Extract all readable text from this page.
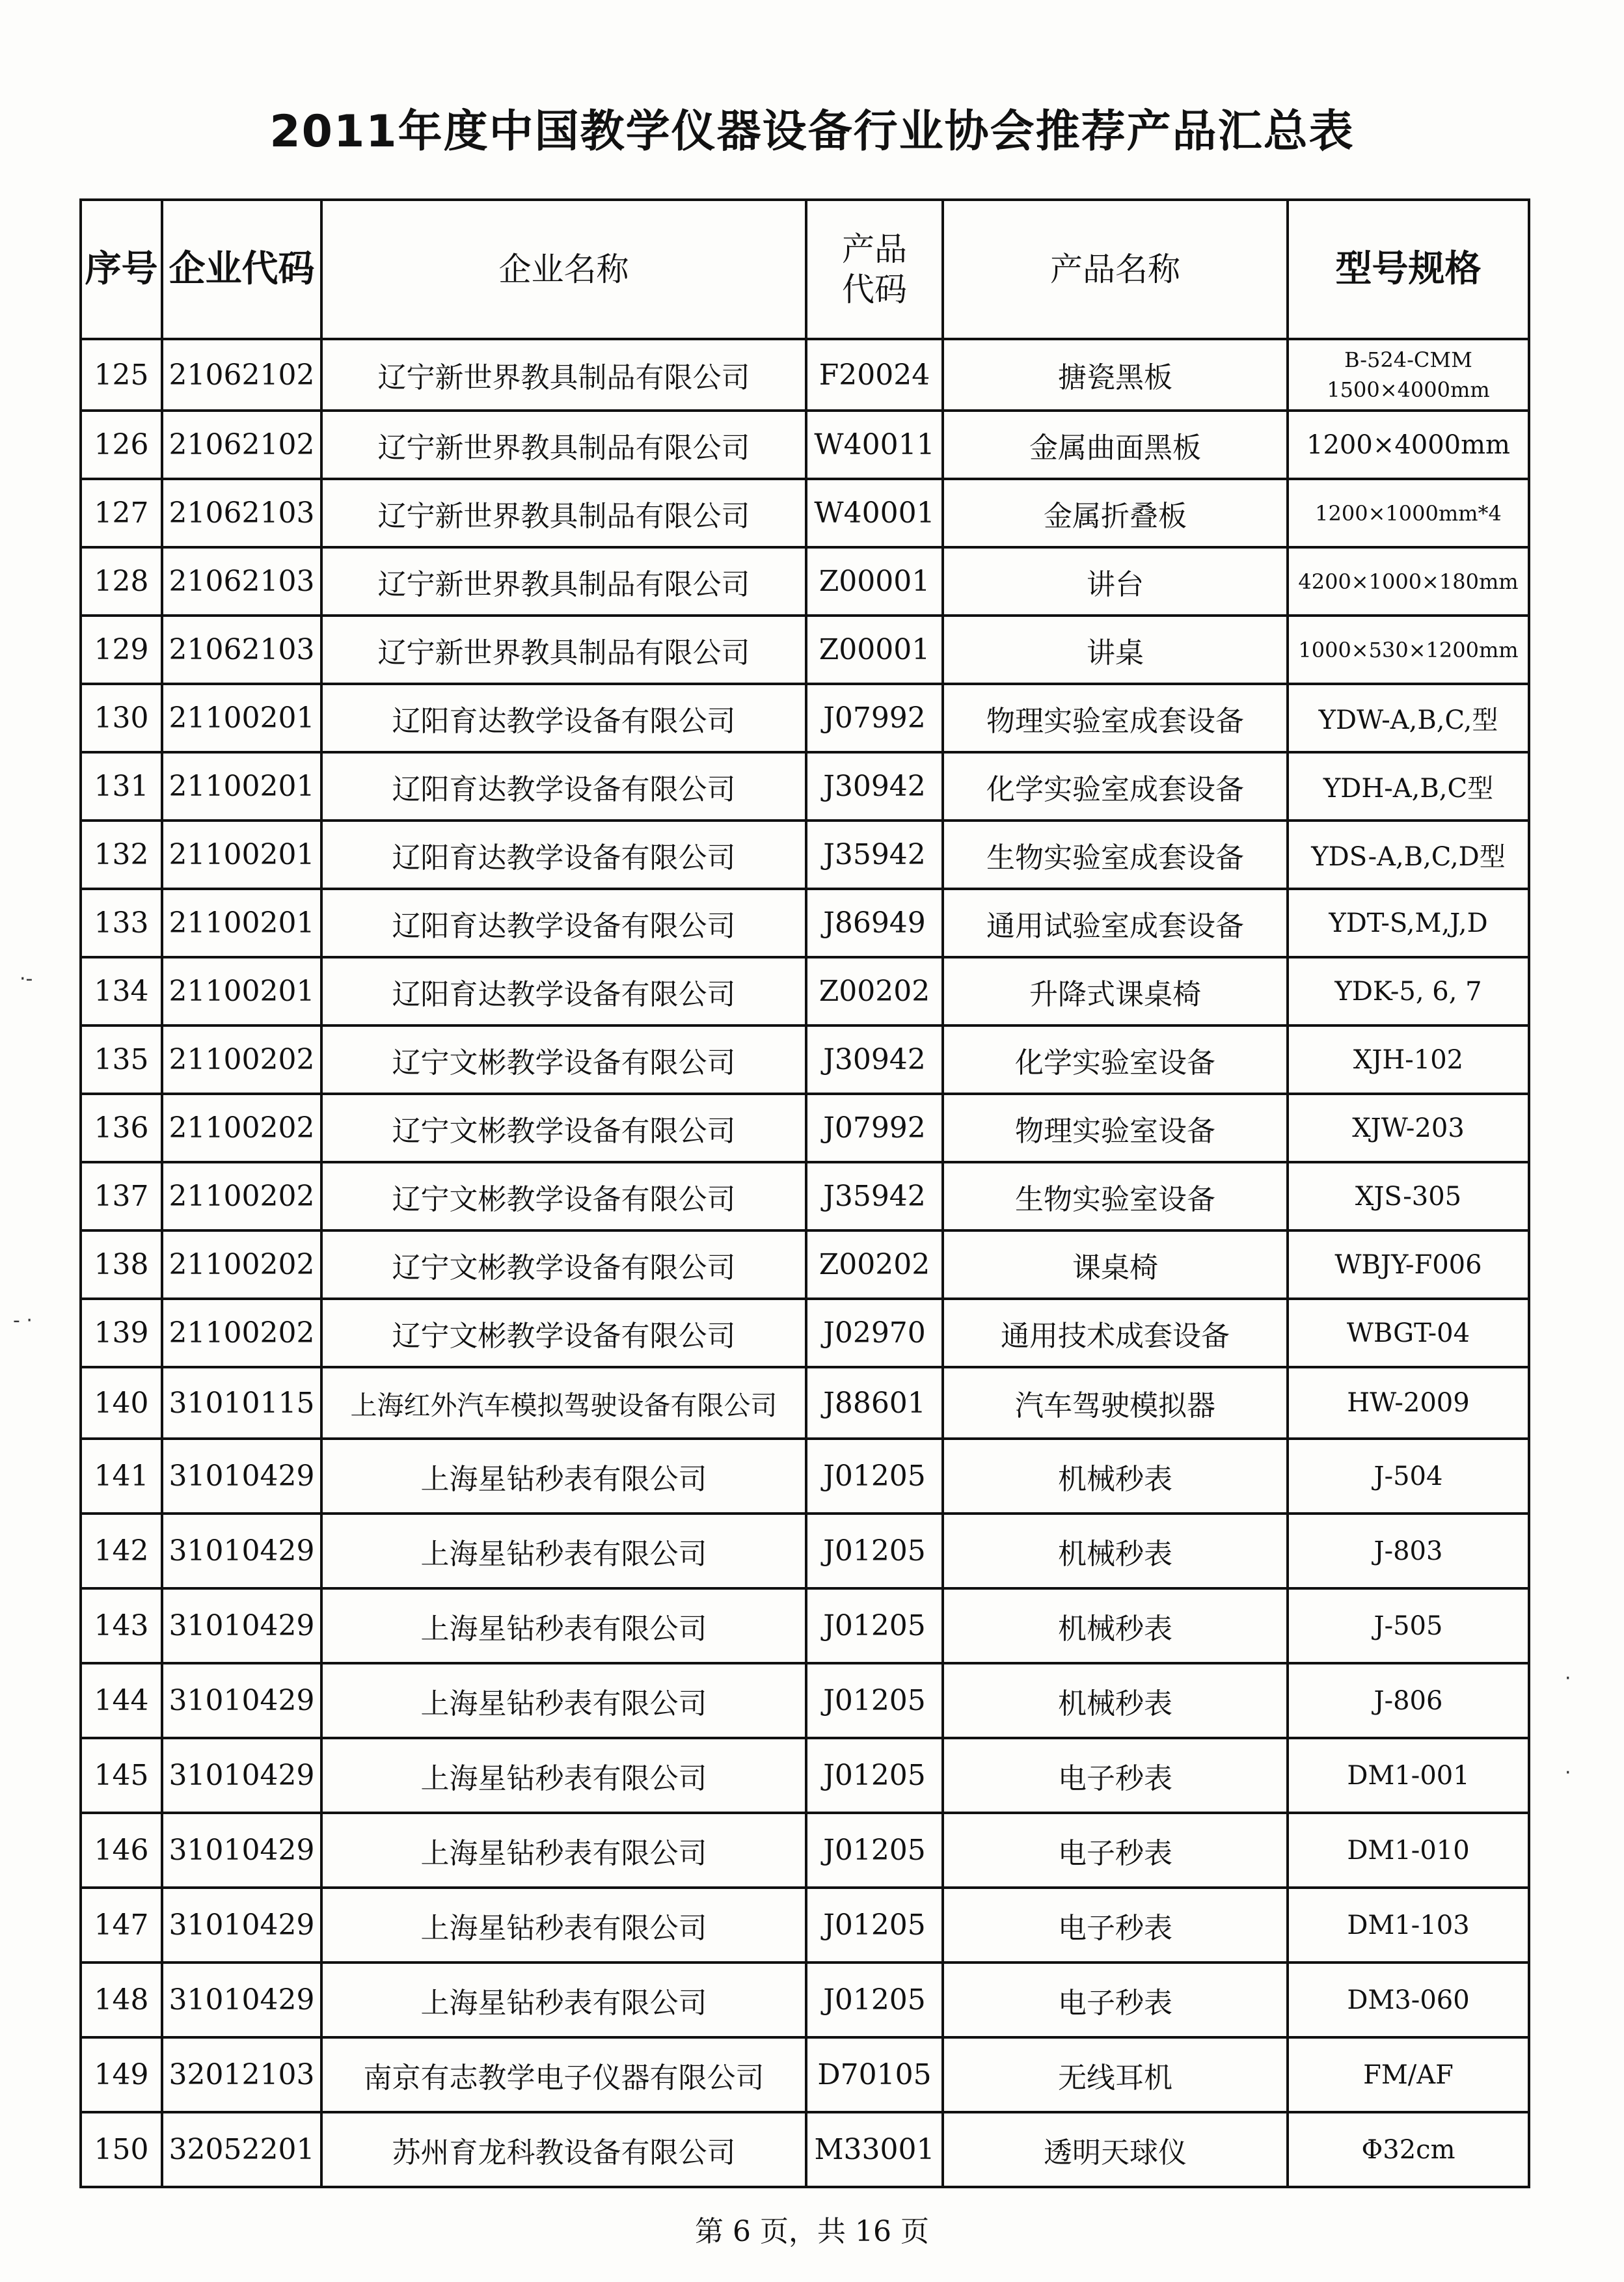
2011年度中国教学仪器设备行业协会推荐产品汇总表
序号	企业代码	企业名称	产品代码	产品名称	型号规格
125	21062102	辽宁新世界教具制品有限公司	F20024	搪瓷黑板	B-524-CMM 1500×4000mm
126	21062102	辽宁新世界教具制品有限公司	W40011	金属曲面黑板	1200×4000mm
127	21062103	辽宁新世界教具制品有限公司	W40001	金属折叠板	1200×1000mm*4
128	21062103	辽宁新世界教具制品有限公司	Z00001	讲台	4200×1000×180mm
129	21062103	辽宁新世界教具制品有限公司	Z00001	讲桌	1000×530×1200mm
130	21100201	辽阳育达教学设备有限公司	J07992	物理实验室成套设备	YDW-A,B,C,型
131	21100201	辽阳育达教学设备有限公司	J30942	化学实验室成套设备	YDH-A,B,C型
132	21100201	辽阳育达教学设备有限公司	J35942	生物实验室成套设备	YDS-A,B,C,D型
133	21100201	辽阳育达教学设备有限公司	J86949	通用试验室成套设备	YDT-S,M,J,D
134	21100201	辽阳育达教学设备有限公司	Z00202	升降式课桌椅	YDK-5, 6, 7
135	21100202	辽宁文彬教学设备有限公司	J30942	化学实验室设备	XJH-102
136	21100202	辽宁文彬教学设备有限公司	J07992	物理实验室设备	XJW-203
137	21100202	辽宁文彬教学设备有限公司	J35942	生物实验室设备	XJS-305
138	21100202	辽宁文彬教学设备有限公司	Z00202	课桌椅	WBJY-F006
139	21100202	辽宁文彬教学设备有限公司	J02970	通用技术成套设备	WBGT-04
140	31010115	上海红外汽车模拟驾驶设备有限公司	J88601	汽车驾驶模拟器	HW-2009
141	31010429	上海星钻秒表有限公司	J01205	机械秒表	J-504
142	31010429	上海星钻秒表有限公司	J01205	机械秒表	J-803
143	31010429	上海星钻秒表有限公司	J01205	机械秒表	J-505
144	31010429	上海星钻秒表有限公司	J01205	机械秒表	J-806
145	31010429	上海星钻秒表有限公司	J01205	电子秒表	DM1-001
146	31010429	上海星钻秒表有限公司	J01205	电子秒表	DM1-010
147	31010429	上海星钻秒表有限公司	J01205	电子秒表	DM1-103
148	31010429	上海星钻秒表有限公司	J01205	电子秒表	DM3-060
149	32012103	南京有志教学电子仪器有限公司	D70105	无线耳机	FM/AF
150	32052201	苏州育龙科教设备有限公司	M33001	透明天球仪	Φ32cm
·-
- ·
·
·
第 6 页，共 16 页
